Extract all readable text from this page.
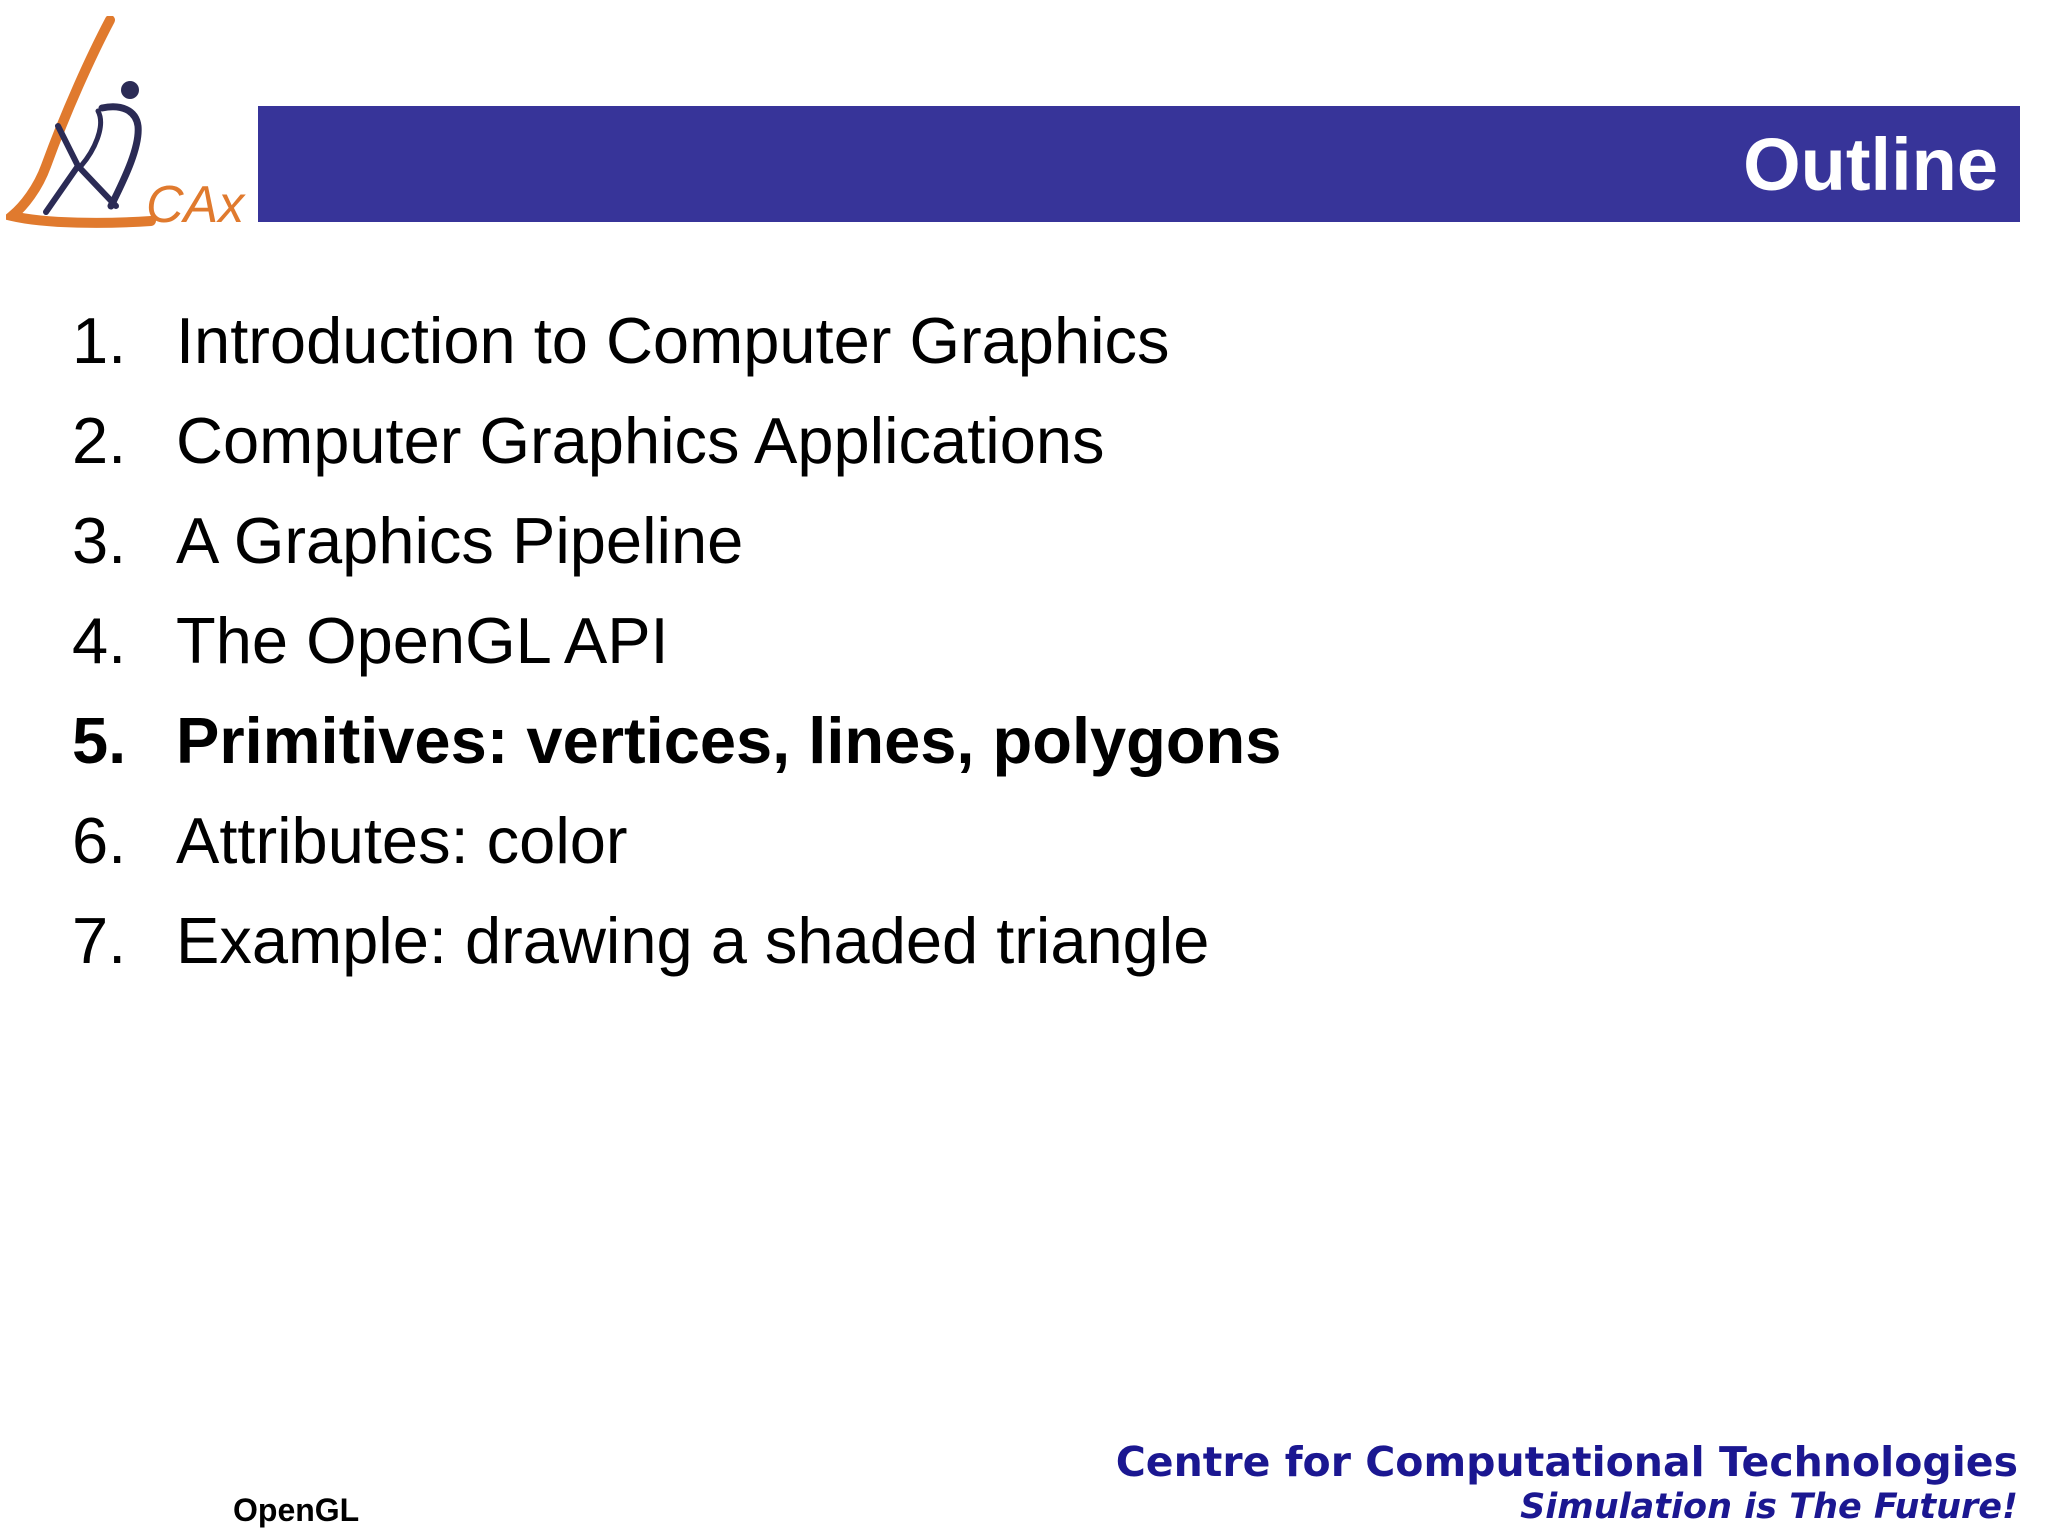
CAx	Outline
1. Introduction to Computer Graphics
2. Computer Graphics Applications
3. A Graphics Pipeline
4. The OpenGL API
5. Primitives: vertices, lines, polygons
6. Attributes: color
7. Example: drawing a shaded triangle
OpenGL
Centre for Computational Technologies
Simulation is The Future!
